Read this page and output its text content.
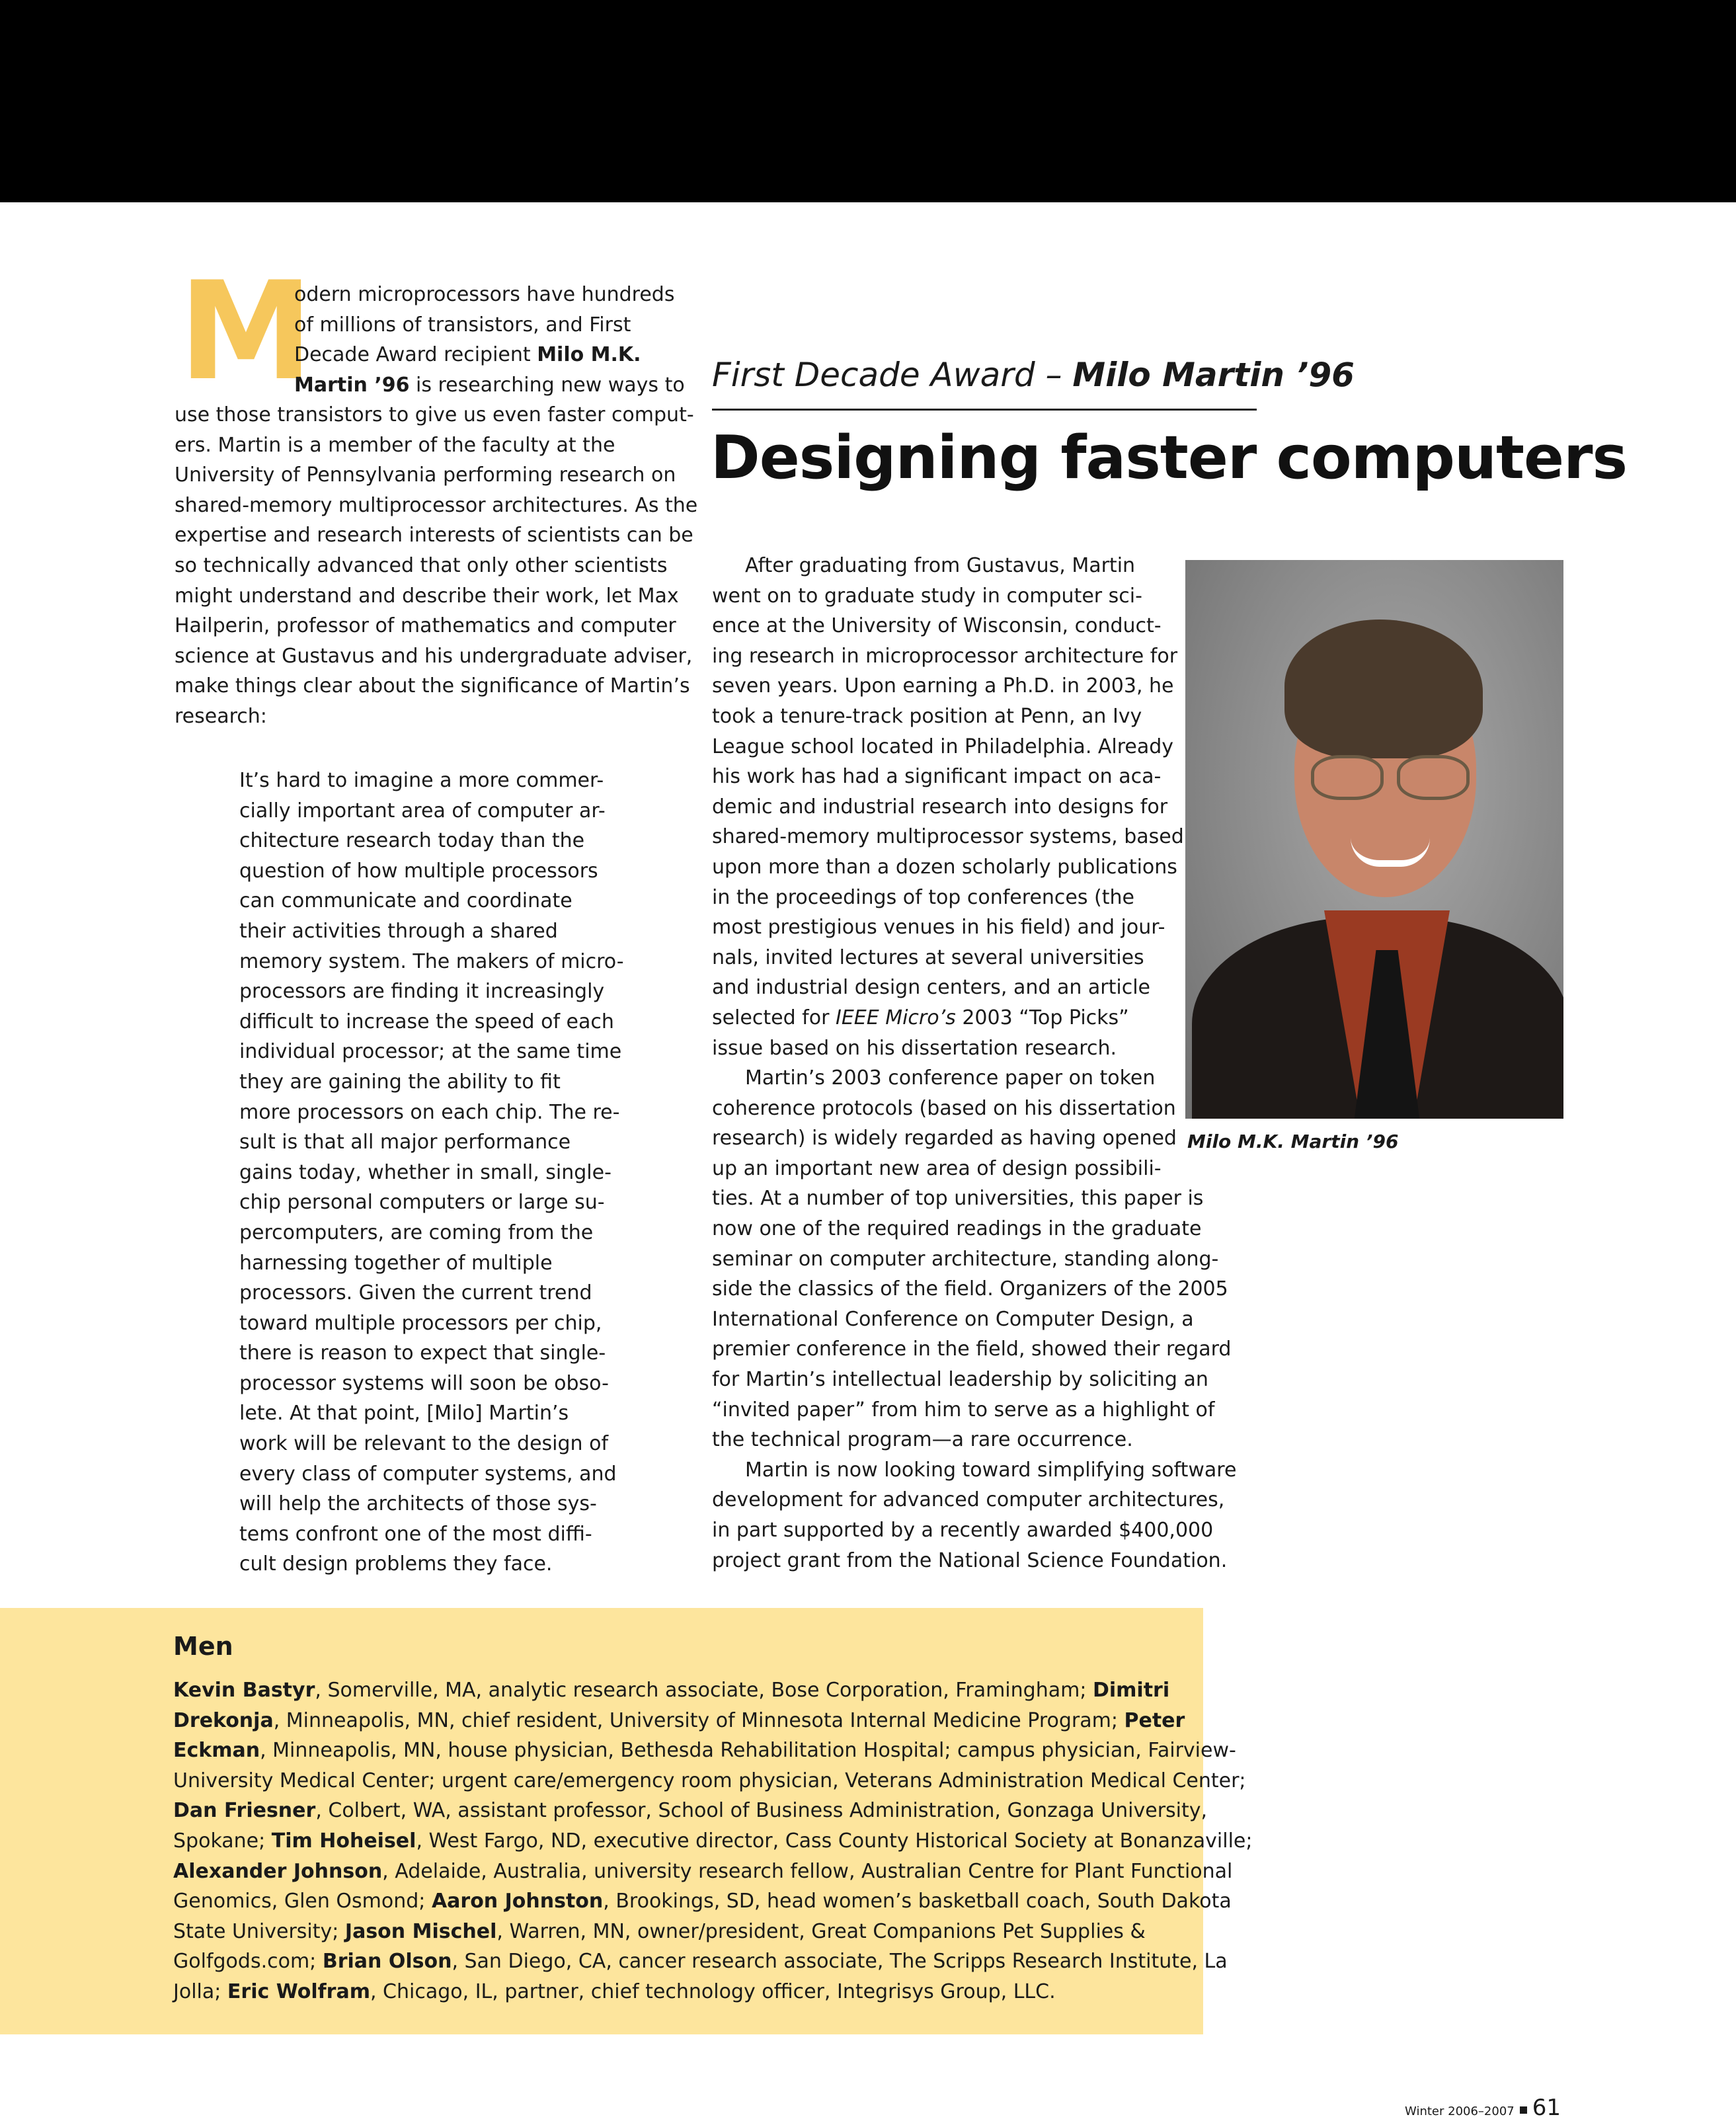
M
odern microprocessors have hundreds
of millions of transistors, and First
Decade Award recipient Milo M.K.
Martin ’96 is researching new ways to
use those transistors to give us even faster comput-
ers. Martin is a member of the faculty at the
University of Pennsylvania performing research on
shared-memory multiprocessor architectures. As the
expertise and research interests of scientists can be
so technically advanced that only other scientists
might understand and describe their work, let Max
Hailperin, professor of mathematics and computer
science at Gustavus and his undergraduate adviser,
make things clear about the significance of Martin’s
research:
It’s hard to imagine a more commer-
cially important area of computer ar-
chitecture research today than the
question of how multiple processors
can communicate and coordinate
their activities through a shared
memory system. The makers of micro-
processors are finding it increasingly
difficult to increase the speed of each
individual processor; at the same time
they are gaining the ability to fit
more processors on each chip. The re-
sult is that all major performance
gains today, whether in small, single-
chip personal computers or large su-
percomputers, are coming from the
harnessing together of multiple
processors. Given the current trend
toward multiple processors per chip,
there is reason to expect that single-
processor systems will soon be obso-
lete. At that point, [Milo] Martin’s
work will be relevant to the design of
every class of computer systems, and
will help the architects of those sys-
tems confront one of the most diffi-
cult design problems they face.
First Decade Award – Milo Martin ’96
Designing faster computers
After graduating from Gustavus, Martin
went on to graduate study in computer sci-
ence at the University of Wisconsin, conduct-
ing research in microprocessor architecture for
seven years. Upon earning a Ph.D. in 2003, he
took a tenure-track position at Penn, an Ivy
League school located in Philadelphia. Already
his work has had a significant impact on aca-
demic and industrial research into designs for
shared-memory multiprocessor systems, based
upon more than a dozen scholarly publications
in the proceedings of top conferences (the
most prestigious venues in his field) and jour-
nals, invited lectures at several universities
and industrial design centers, and an article
selected for IEEE Micro’s 2003 “Top Picks”
issue based on his dissertation research.
Martin’s 2003 conference paper on token
coherence protocols (based on his dissertation
research) is widely regarded as having opened
up an important new area of design possibili-
ties. At a number of top universities, this paper is
now one of the required readings in the graduate
seminar on computer architecture, standing along-
side the classics of the field. Organizers of the 2005
International Conference on Computer Design, a
premier conference in the field, showed their regard
for Martin’s intellectual leadership by soliciting an
“invited paper” from him to serve as a highlight of
the technical program—a rare occurrence.
Martin is now looking toward simplifying software
development for advanced computer architectures,
in part supported by a recently awarded $400,000
project grant from the National Science Foundation.
Milo M.K. Martin ’96
Men
Kevin Bastyr, Somerville, MA, analytic research associate, Bose Corporation, Framingham; Dimitri
Drekonja, Minneapolis, MN, chief resident, University of Minnesota Internal Medicine Program; Peter
Eckman, Minneapolis, MN, house physician, Bethesda Rehabilitation Hospital; campus physician, Fairview-
University Medical Center; urgent care/emergency room physician, Veterans Administration Medical Center;
Dan Friesner, Colbert, WA, assistant professor, School of Business Administration, Gonzaga University,
Spokane; Tim Hoheisel, West Fargo, ND, executive director, Cass County Historical Society at Bonanzaville;
Alexander Johnson, Adelaide, Australia, university research fellow, Australian Centre for Plant Functional
Genomics, Glen Osmond; Aaron Johnston, Brookings, SD, head women’s basketball coach, South Dakota
State University; Jason Mischel, Warren, MN, owner/president, Great Companions Pet Supplies &
Golfgods.com; Brian Olson, San Diego, CA, cancer research associate, The Scripps Research Institute, La
Jolla; Eric Wolfram, Chicago, IL, partner, chief technology officer, Integrisys Group, LLC.
Winter 2006–2007 61
